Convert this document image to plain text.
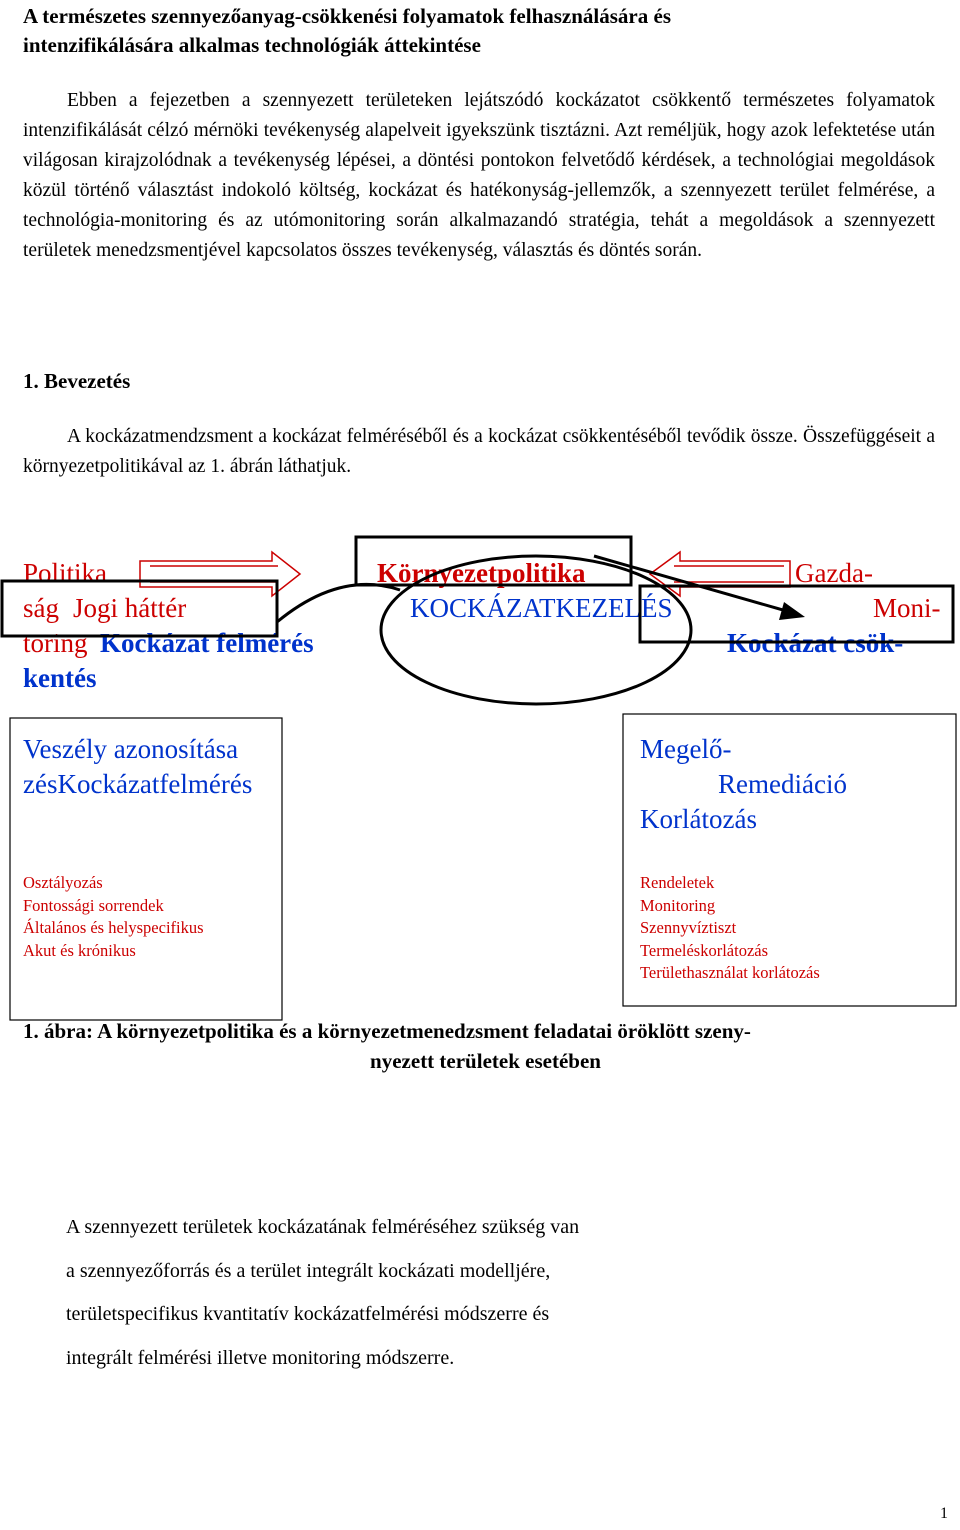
A természetes szennyezőanyag-csökkenési folyamatok felhasználására és
intenzifikálására alkalmas technológiák áttekintése
Ebben a fejezetben a szennyezett területeken lejátszódó kockázatot csökkentő természetes folyamatok intenzifikálását célzó mérnöki tevékenység alapelveit igyekszünk tisztázni. Azt reméljük, hogy azok lefektetése után világosan kirajzolódnak a tevékenység lépései, a döntési pontokon felvetődő kérdések, a technológiai megoldások közül történő választást indokoló költség, kockázat és hatékonyság-jellemzők, a szennyezett terület felmérése, a technológia-monitoring és az utómonitoring során alkalmazandó stratégia, tehát a megoldások a szennyezett területek menedzsmentjével kapcsolatos összes tevékenység, választás és döntés során.
1. Bevezetés
A kockázatmendzsment a kockázat felméréséből és a kockázat csökkentéséből tevődik össze. Összefüggéseit a környezetpolitikával az 1. ábrán láthatjuk.
Politika	Környezetpolitika	Gazda-
ság Jogi háttér	KOCKÁZATKEZELÉS	Moni-
toring Kockázat felmérés	Kockázat csök-
kentés
Veszély azonosítása
zésKockázatfelmérés
Osztályozás
Fontossági sorrendek
Általános és helyspecifikus
Akut és krónikus
Megelő-
Remediáció
Korlátozás
Rendeletek
Monitoring
Szennyvíztiszt
Termeléskorlátozás
Területhasználat korlátozás
1. ábra: A környezetpolitika és a környezetmenedzsment feladatai öröklött szeny-
nyezett területek esetében
A szennyezett területek kockázatának felméréséhez szükség van
a szennyezőforrás és a terület integrált kockázati modelljére,
területspecifikus kvantitatív kockázatfelmérési módszerre és
integrált felmérési illetve monitoring módszerre.
1
